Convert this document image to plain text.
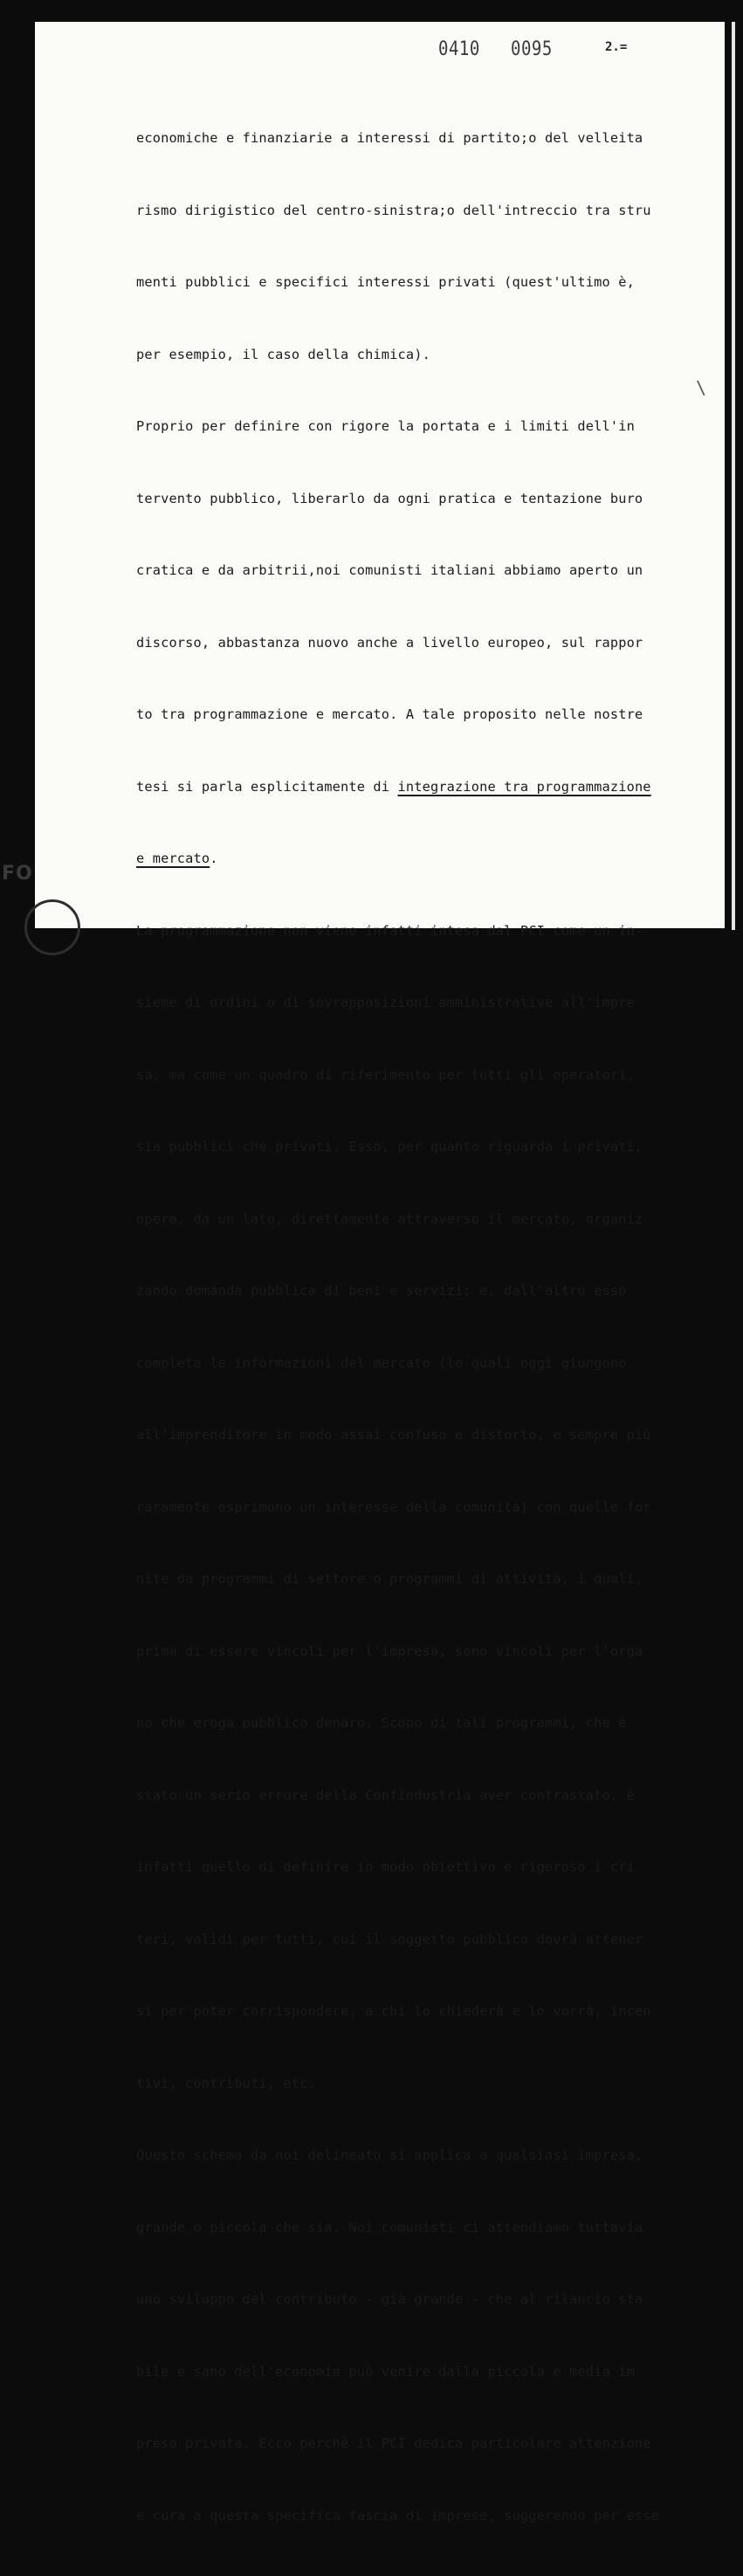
0410 0095	2.=
\

economiche e finanziarie a interessi di partito;o del velleita

rismo dirigistico del centro-sinistra;o dell'intreccio tra stru

menti pubblici e specifici interessi privati (quest'ultimo è,

per esempio, il caso della chimica).

Proprio per definire con rigore la portata e i limiti dell'in

tervento pubblico, liberarlo da ogni pratica e tentazione buro

cratica e da arbitrii,noi comunisti italiani abbiamo aperto un

discorso, abbastanza nuovo anche a livello europeo, sul rappor

to tra programmazione e mercato. A tale proposito nelle nostre

tesi si parla esplicitamente di integrazione tra programmazione

e mercato.

La programmazione non viene infatti intesa dal PCI come un in-

sieme di ordini o di sovrapposizioni amministrative all'impre

sa, ma come un quadro di riferimento per tutti gli operatori,

sia pubblici che privati. Esso, per quanto riguarda i privati,

opera, da un lato, direttamente attraverso il mercato, organiz

zando domanda pubblica di beni e servizi; e, dall'altro esso

completa le informazioni del mercato (le quali oggi giungono

all'imprenditore in modo assai confuso e distorto, e sempre più

raramente esprimono un interesse della comunità) con quelle for

nite da programmi di settore o programmi di attività, i quali,

prima di essere vincoli per l'impresa, sono vincoli per l'orga

no che eroga pubblico denaro. Scopo di tali programmi, che è

stato un serio errore della Confindustria aver contrastato, è

infatti quello di definire in modo obiettivo e rigoroso i cri

teri, validi per tutti, cui il soggetto pubblico dovrà attener

si per poter corrispondere, a chi lo chiederà e lo vorrà, incen

tivi, contributi, etc.

Questo schema da noi delineato si applica a qualsiasi impresa,

grande o piccola che sia. Noi comunisti ci attendiamo tuttavia

uno sviluppo del contributo - già grande - che al rilancio sta

bile e sano dell'economia può venire dalla piccola e media im

presa privata. Ecco perchè il PCI dedica particolare attenzione

e cura a questa specifica fascia di imprese, suggerendo per esse

FO
